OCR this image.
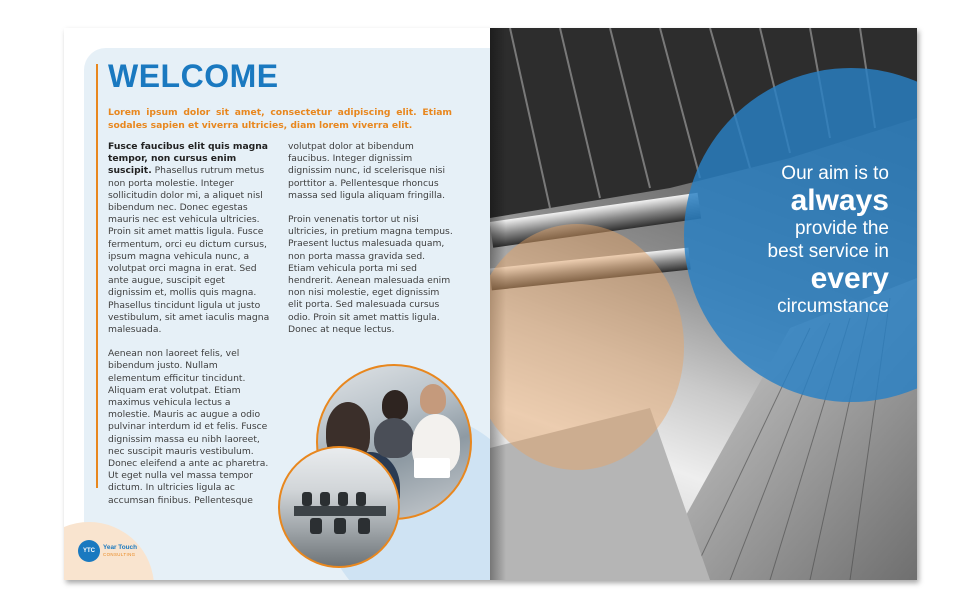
WELCOME

Lorem ipsum dolor sit amet, consectetur adipiscing elit. Etiam sodales sapien et viverra ultricies, diam lorem viverra elit.

Fusce faucibus elit quis magna tempor, non cursus enim suscipit. Phasellus rutrum metus non porta molestie. Integer sollicitudin dolor mi, a aliquet nisl bibendum nec. Donec egestas mauris nec est vehicula ultricies. Proin sit amet mattis ligula. Fusce fermentum, orci eu dictum cursus, ipsum magna vehicula nunc, a volutpat orci magna in erat. Sed ante augue, suscipit eget dignissim et, mollis quis magna. Phasellus tincidunt ligula ut justo vestibulum, sit amet iaculis magna malesuada.

Aenean non laoreet felis, vel bibendum justo. Nullam elementum efficitur tincidunt. Aliquam erat volutpat. Etiam maximus vehicula lectus a molestie. Mauris ac augue a odio pulvinar interdum id et felis. Fusce dignissim massa eu nibh laoreet, nec suscipit mauris vestibulum. Donec eleifend a ante ac pharetra. Ut eget nulla vel massa tempor dictum. In ultricies ligula ac accumsan finibus. Pellentesque

volutpat dolor at bibendum faucibus. Integer dignissim dignissim nunc, id scelerisque nisi porttitor a. Pellentesque rhoncus massa sed ligula aliquam fringilla.

Proin venenatis tortor ut nisi ultricies, in pretium magna tempus. Praesent luctus malesuada quam, non porta massa gravida sed. Etiam vehicula porta mi sed hendrerit. Aenean malesuada enim non nisi molestie, eget dignissim elit porta. Sed malesuada cursus odio. Proin sit amet mattis ligula. Donec at neque lectus.

YTC	Year Touch
CONSULTING
Our aim is to
always
provide the
best service in
every
circumstance
